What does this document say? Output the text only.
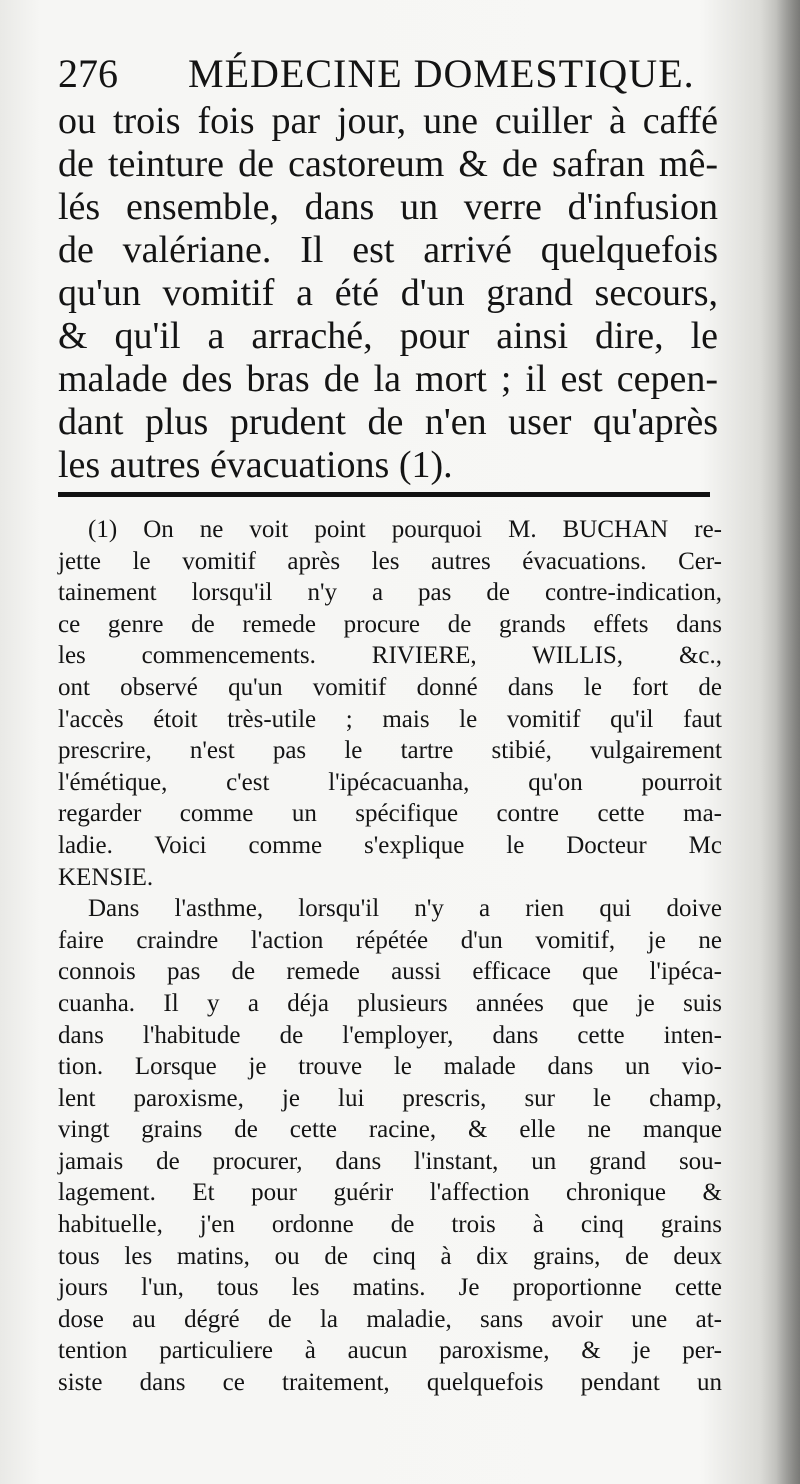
276 MÉDECINE DOMESTIQUE.
ou trois fois par jour, une cuiller à caffé
de teinture de castoreum & de safran mê-
lés ensemble, dans un verre d'infusion
de valériane. Il est arrivé quelquefois
qu'un vomitif a été d'un grand secours,
& qu'il a arraché, pour ainsi dire, le
malade des bras de la mort ; il est cepen-
dant plus prudent de n'en user qu'après
les autres évacuations (1).
(1) On ne voit point pourquoi M. BUCHAN re-
jette le vomitif après les autres évacuations. Cer-
tainement lorsqu'il n'y a pas de contre-indication,
ce genre de remede procure de grands effets dans
les commencements. RIVIERE, WILLIS, &c.,
ont observé qu'un vomitif donné dans le fort de
l'accès étoit très-utile ; mais le vomitif qu'il faut
prescrire, n'est pas le tartre stibié, vulgairement
l'émétique, c'est l'ipécacuanha, qu'on pourroit
regarder comme un spécifique contre cette ma-
ladie. Voici comme s'explique le Docteur Mc
KENSIE.
Dans l'asthme, lorsqu'il n'y a rien qui doive
faire craindre l'action répétée d'un vomitif, je ne
connois pas de remede aussi efficace que l'ipéca-
cuanha. Il y a déja plusieurs années que je suis
dans l'habitude de l'employer, dans cette inten-
tion. Lorsque je trouve le malade dans un vio-
lent paroxisme, je lui prescris, sur le champ,
vingt grains de cette racine, & elle ne manque
jamais de procurer, dans l'instant, un grand sou-
lagement. Et pour guérir l'affection chronique &
habituelle, j'en ordonne de trois à cinq grains
tous les matins, ou de cinq à dix grains, de deux
jours l'un, tous les matins. Je proportionne cette
dose au dégré de la maladie, sans avoir une at-
tention particuliere à aucun paroxisme, & je per-
siste dans ce traitement, quelquefois pendant un
